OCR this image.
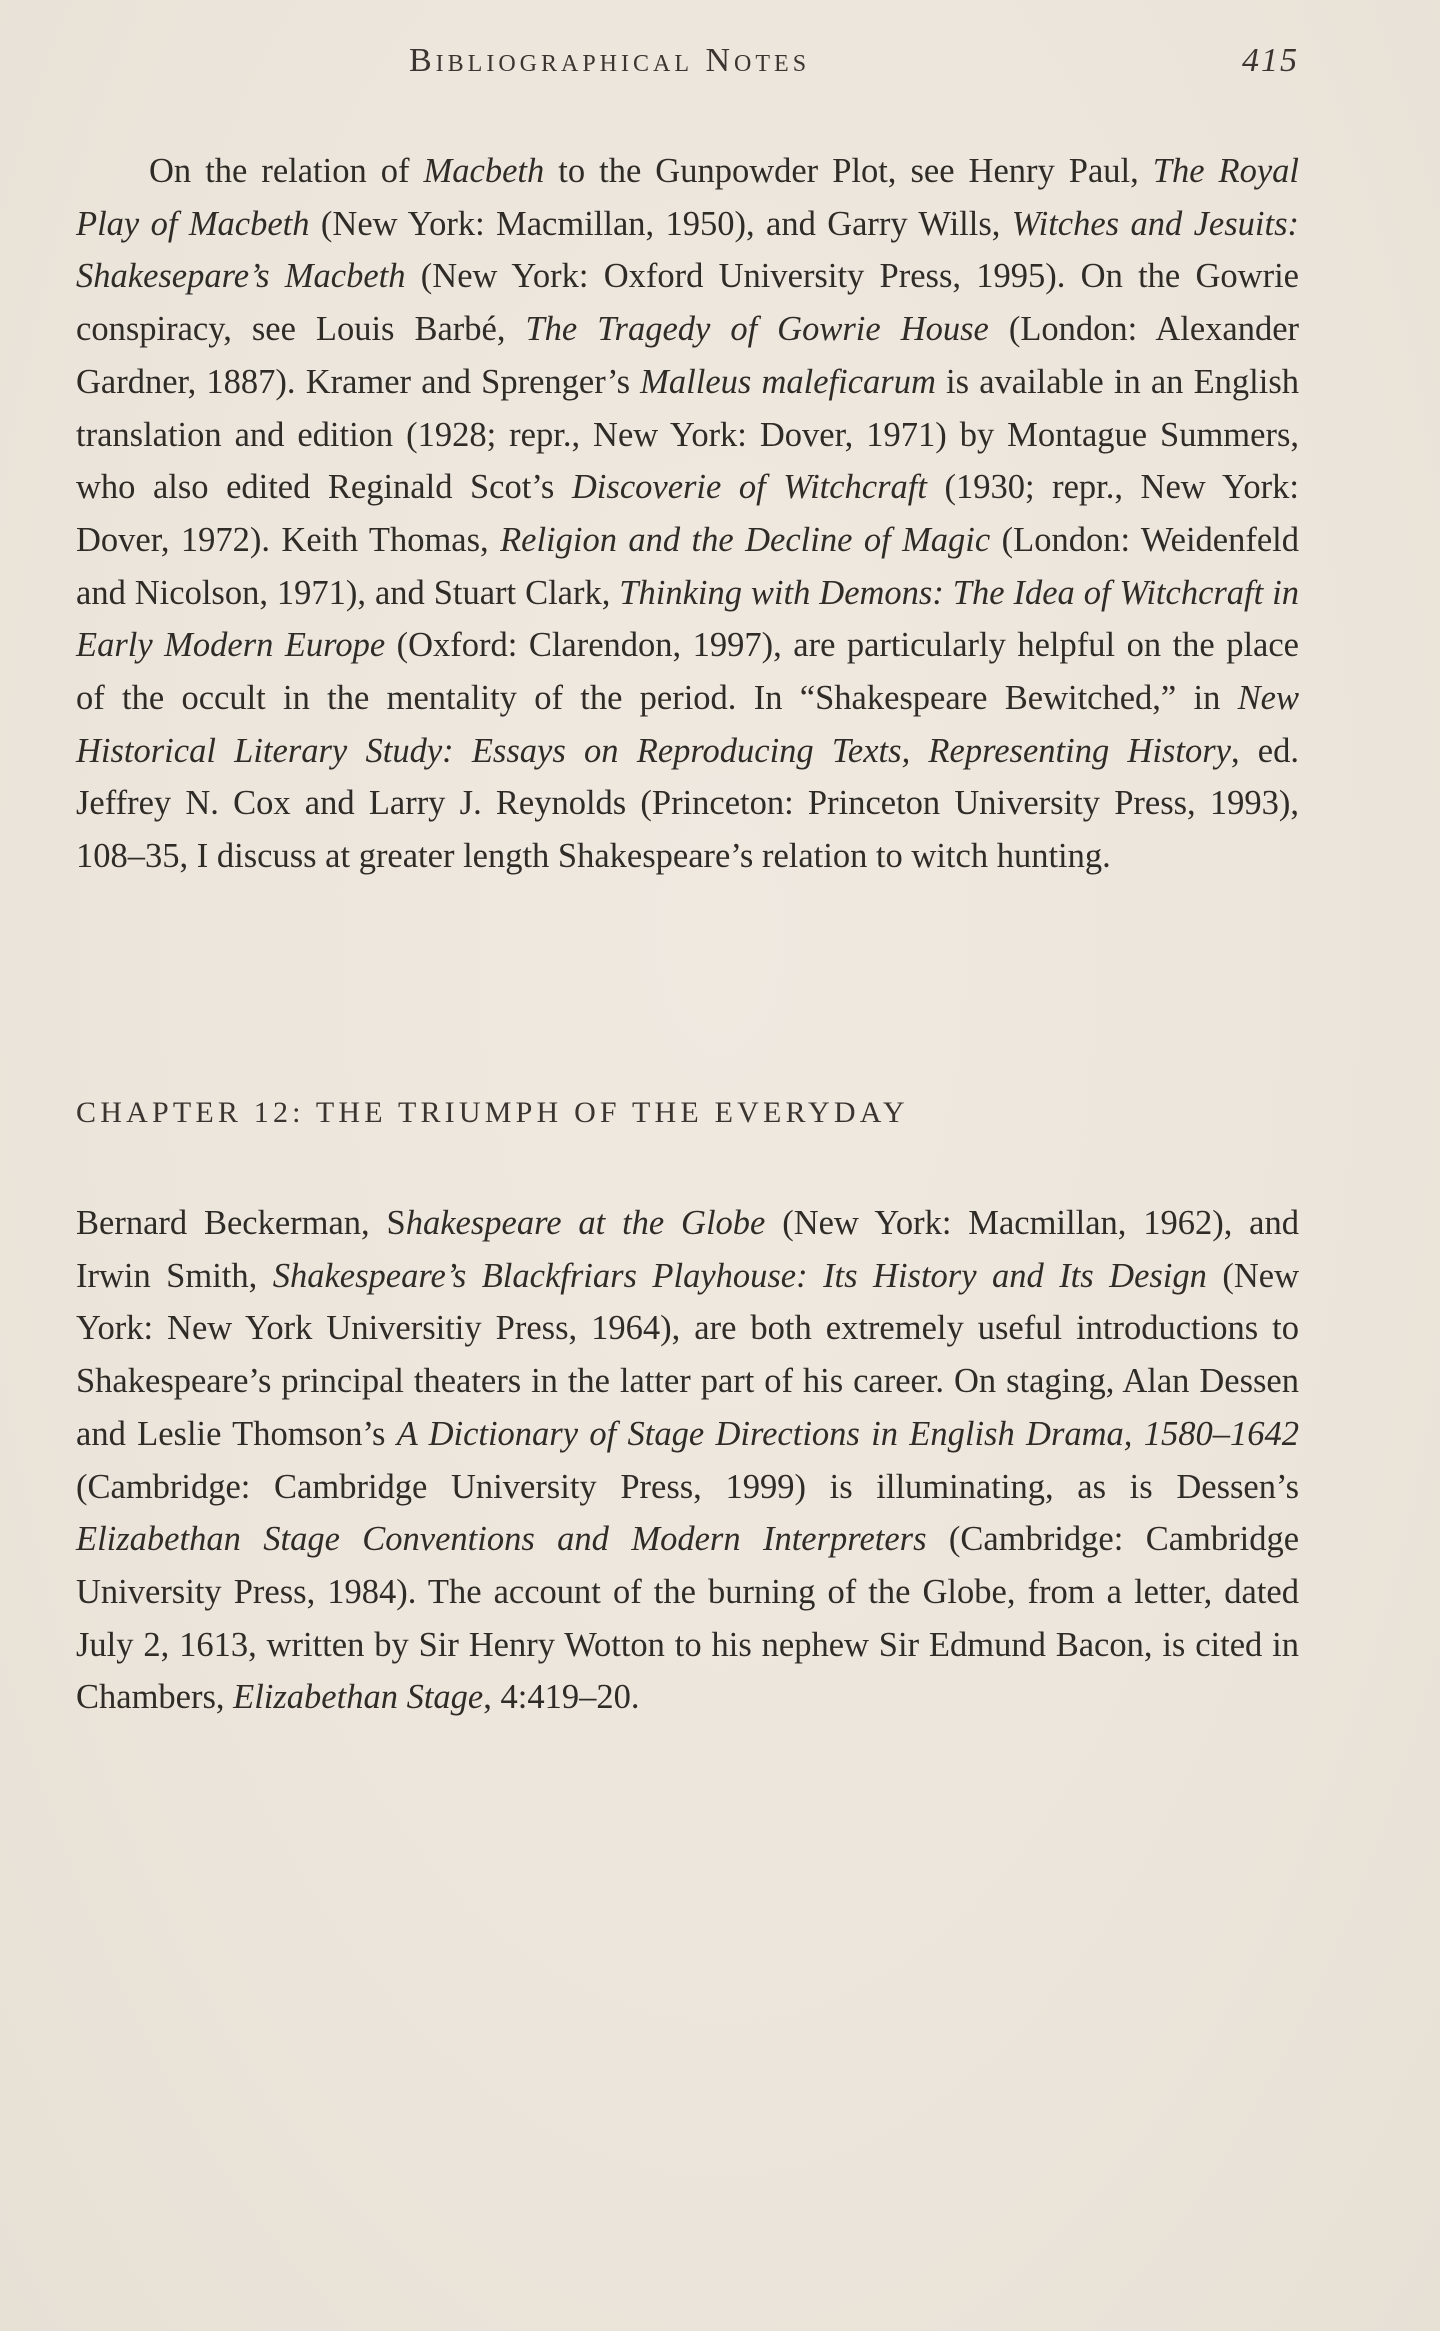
Bibliographical Notes	415

On the relation of Macbeth to the Gunpowder Plot, see Henry Paul, The Royal Play of Macbeth (New York: Macmillan, 1950), and Garry Wills, Witches and Jesuits: Shakesepare’s Macbeth (New York: Oxford University Press, 1995). On the Gowrie conspiracy, see Louis Barbé, The Tragedy of Gowrie House (London: Alexander Gardner, 1887). Kramer and Sprenger’s Malleus maleficarum is available in an English translation and edition (1928; repr., New York: Dover, 1971) by Montague Summers, who also edited Reginald Scot’s Discoverie of Witchcraft (1930; repr., New York: Dover, 1972). Keith Thomas, Religion and the Decline of Magic (London: Weidenfeld and Nicolson, 1971), and Stuart Clark, Thinking with Demons: The Idea of Witchcraft in Early Modern Europe (Oxford: Clarendon, 1997), are particularly helpful on the place of the occult in the mentality of the period. In “Shakespeare Bewitched,” in New Historical Literary Study: Essays on Reproducing Texts, Representing History, ed. Jeffrey N. Cox and Larry J. Reynolds (Princeton: Princeton University Press, 1993), 108–35, I discuss at greater length Shakespeare’s relation to witch hunting.

CHAPTER 12: THE TRIUMPH OF THE EVERYDAY

Bernard Beckerman, Shakespeare at the Globe (New York: Macmillan, 1962), and Irwin Smith, Shakespeare’s Blackfriars Playhouse: Its History and Its Design (New York: New York Universitiy Press, 1964), are both extremely useful introductions to Shakespeare’s principal theaters in the latter part of his career. On staging, Alan Dessen and Leslie Thomson’s A Dictionary of Stage Directions in English Drama, 1580–1642 (Cambridge: Cambridge University Press, 1999) is illuminating, as is Dessen’s Elizabethan Stage Conventions and Modern Interpreters (Cambridge: Cambridge University Press, 1984). The account of the burning of the Globe, from a letter, dated July 2, 1613, written by Sir Henry Wotton to his nephew Sir Edmund Bacon, is cited in Chambers, Elizabethan Stage, 4:419–20.
